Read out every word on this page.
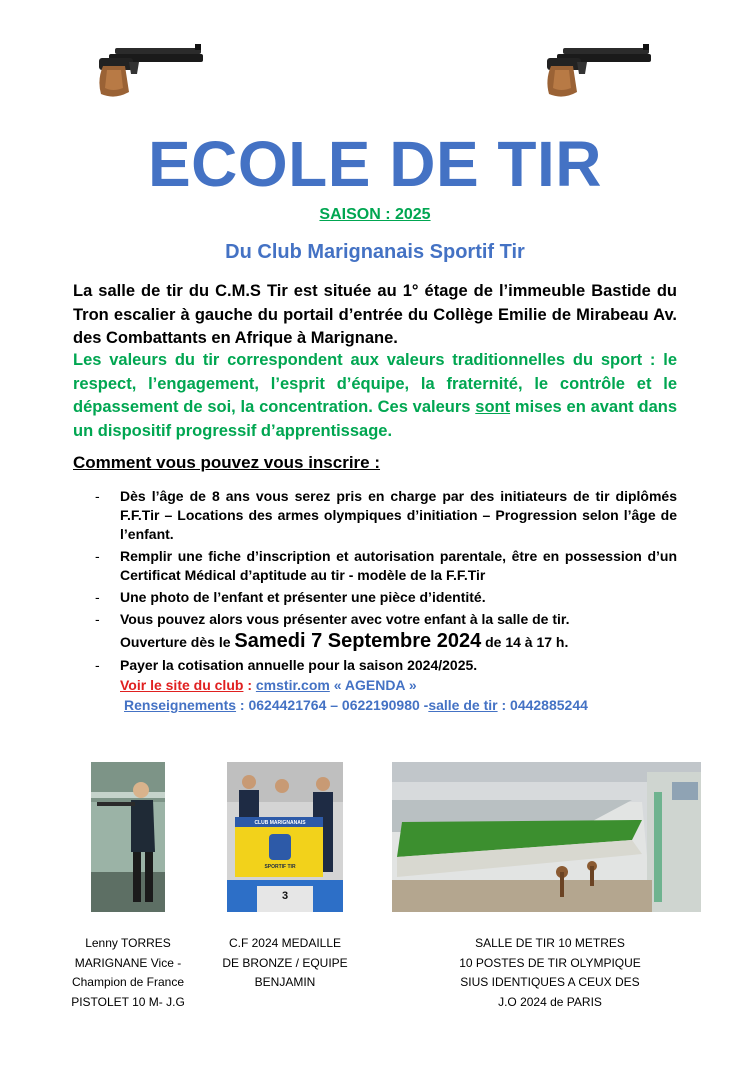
ECOLE DE TIR
SAISON : 2025
Du Club Marignanais Sportif Tir
La salle de tir du C.M.S Tir est située au 1° étage de l’immeuble Bastide du Tron escalier à gauche du portail d’entrée du Collège Emilie de Mirabeau Av. des Combattants en Afrique à Marignane.
Les valeurs du tir correspondent aux valeurs traditionnelles du sport : le respect, l’engagement, l’esprit d’équipe, la fraternité, le contrôle et le dépassement de soi, la concentration. Ces valeurs sont mises en avant dans un dispositif progressif d’apprentissage.
Comment vous pouvez vous inscrire :
- Dès l’âge de 8 ans vous serez pris en charge par des initiateurs de tir diplômés F.F.Tir – Locations des armes olympiques d’initiation – Progression selon l’âge de l’enfant.
- Remplir une fiche d’inscription et autorisation parentale, être en possession d’un Certificat Médical d’aptitude au tir - modèle de la F.F.Tir
- Une photo de l’enfant et présenter une pièce d’identité.
- Vous pouvez alors vous présenter avec votre enfant à la salle de tir.
Ouverture dès le Samedi 7 Septembre 2024 de 14 à 17 h.
- Payer la cotisation annuelle pour la saison 2024/2025.
Voir le site du club : cmstir.com « AGENDA »
Renseignements : 0624421764 – 0622190980 -salle de tir : 0442885244
CLUB MARIGNANAIS
SPORTIF TIR
3
Lenny TORRES
MARIGNANE Vice -
Champion de France
PISTOLET 10 M- J.G
C.F 2024 MEDAILLE
DE BRONZE / EQUIPE
BENJAMIN
SALLE DE TIR 10 METRES
10 POSTES DE TIR OLYMPIQUE
SIUS IDENTIQUES A CEUX DES
J.O 2024 de PARIS
